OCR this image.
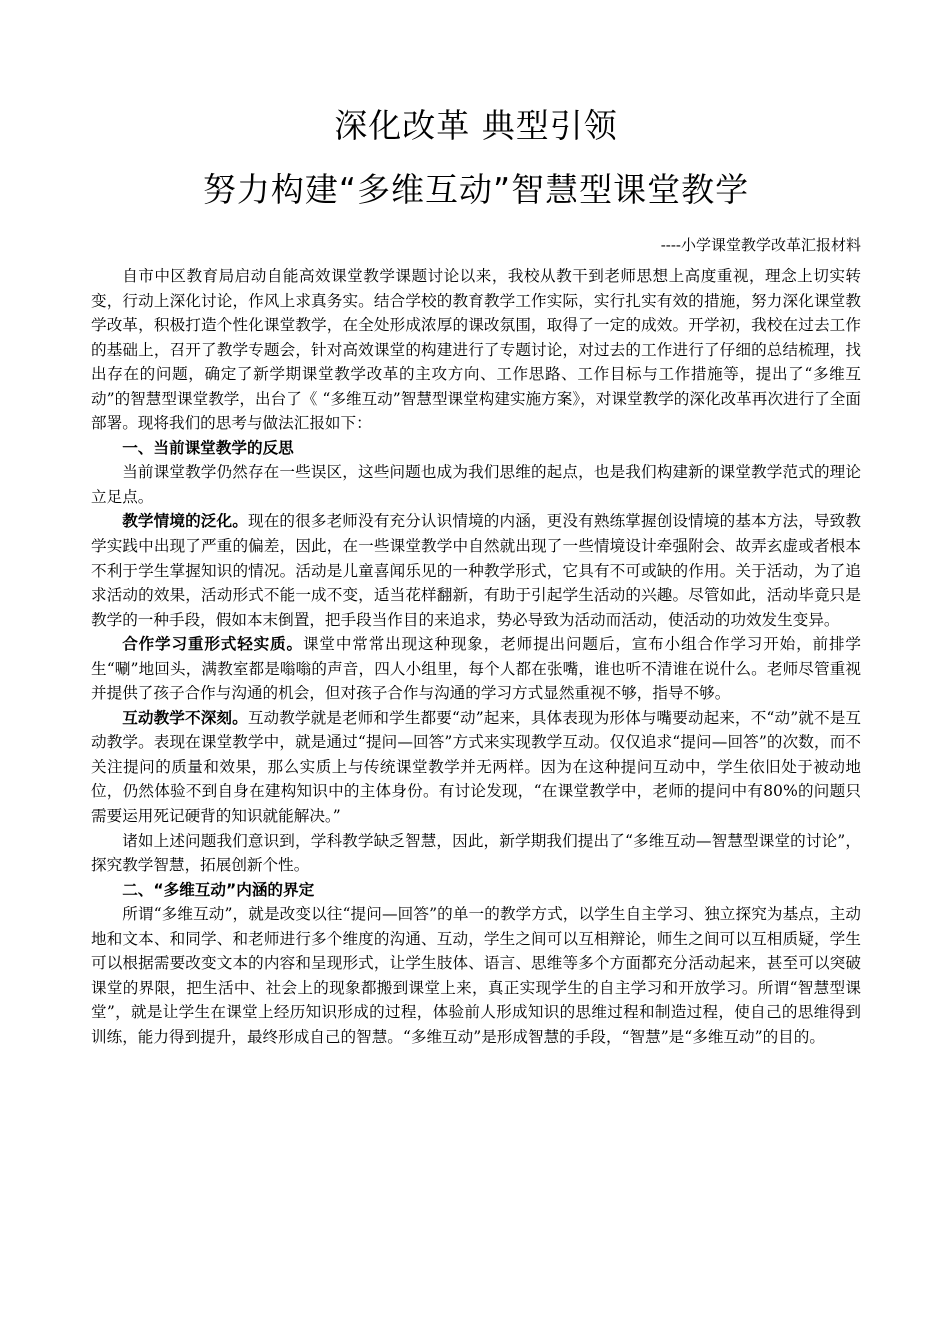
深化改革 典型引领
努力构建“多维互动”智慧型课堂教学
----小学课堂教学改革汇报材料

自市中区教育局启动自能高效课堂教学课题讨论以来，我校从教干到老师思想上高度重视，理念上切实转变，行动上深化讨论，作风上求真务实。结合学校的教育教学工作实际，实行扎实有效的措施，努力深化课堂教学改革，积极打造个性化课堂教学，在全处形成浓厚的课改氛围，取得了一定的成效。开学初，我校在过去工作的基础上，召开了教学专题会，针对高效课堂的构建进行了专题讨论，对过去的工作进行了仔细的总结梳理，找出存在的问题，确定了新学期课堂教学改革的主攻方向、工作思路、工作目标与工作措施等，提出了“多维互动”的智慧型课堂教学，出台了《 “多维互动”智慧型课堂构建实施方案》，对课堂教学的深化改革再次进行了全面部署。现将我们的思考与做法汇报如下：

一、当前课堂教学的反思

当前课堂教学仍然存在一些误区，这些问题也成为我们思维的起点，也是我们构建新的课堂教学范式的理论立足点。

教学情境的泛化。现在的很多老师没有充分认识情境的内涵，更没有熟练掌握创设情境的基本方法，导致教学实践中出现了严重的偏差，因此，在一些课堂教学中自然就出现了一些情境设计牵强附会、故弄玄虚或者根本不利于学生掌握知识的情况。活动是儿童喜闻乐见的一种教学形式，它具有不可或缺的作用。关于活动，为了追求活动的效果，活动形式不能一成不变，适当花样翻新，有助于引起学生活动的兴趣。尽管如此，活动毕竟只是教学的一种手段，假如本末倒置，把手段当作目的来追求，势必导致为活动而活动，使活动的功效发生变异。

合作学习重形式轻实质。课堂中常常出现这种现象，老师提出问题后，宣布小组合作学习开始，前排学生“唰”地回头，满教室都是嗡嗡的声音，四人小组里，每个人都在张嘴，谁也听不清谁在说什么。老师尽管重视并提供了孩子合作与沟通的机会，但对孩子合作与沟通的学习方式显然重视不够，指导不够。

互动教学不深刻。互动教学就是老师和学生都要“动”起来，具体表现为形体与嘴要动起来，不“动”就不是互动教学。表现在课堂教学中，就是通过“提问—回答”方式来实现教学互动。仅仅追求“提问—回答”的次数，而不关注提问的质量和效果，那么实质上与传统课堂教学并无两样。因为在这种提问互动中，学生依旧处于被动地位，仍然体验不到自身在建构知识中的主体身份。有讨论发现，“在课堂教学中，老师的提问中有80%的问题只需要运用死记硬背的知识就能解决。”

诸如上述问题我们意识到，学科教学缺乏智慧，因此，新学期我们提出了“多维互动—智慧型课堂的讨论”，探究教学智慧，拓展创新个性。

二、“多维互动”内涵的界定

所谓“多维互动”，就是改变以往“提问—回答”的单一的教学方式，以学生自主学习、独立探究为基点，主动地和文本、和同学、和老师进行多个维度的沟通、互动，学生之间可以互相辩论，师生之间可以互相质疑，学生可以根据需要改变文本的内容和呈现形式，让学生肢体、语言、思维等多个方面都充分活动起来，甚至可以突破课堂的界限，把生活中、社会上的现象都搬到课堂上来，真正实现学生的自主学习和开放学习。所谓“智慧型课堂”，就是让学生在课堂上经历知识形成的过程，体验前人形成知识的思维过程和制造过程，使自己的思维得到训练，能力得到提升，最终形成自己的智慧。“多维互动”是形成智慧的手段，“智慧”是“多维互动”的目的。
